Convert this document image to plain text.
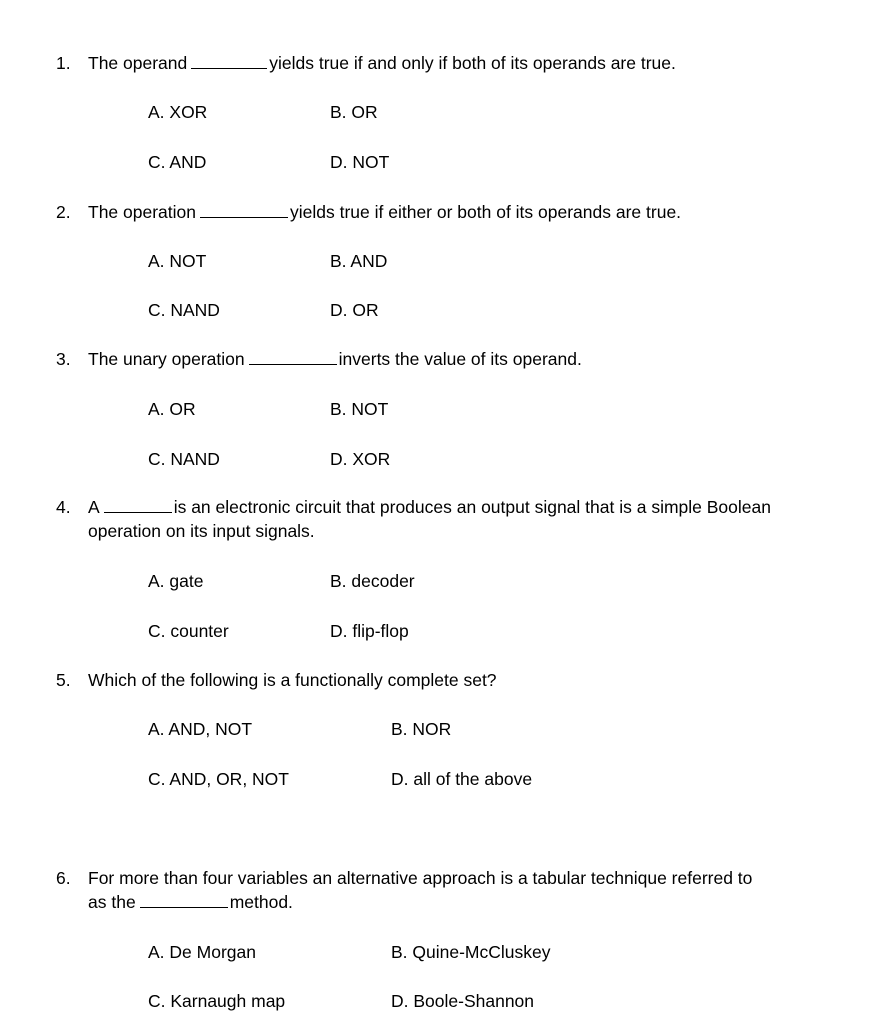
1. The operand	yields true if and only if both of its operands are true.
A. XOR	B. OR
C. AND	D. NOT
2. The operation	yields true if either or both of its operands are true.
A. NOT	B. AND
C. NAND	D. OR
3. The unary operation	inverts the value of its operand.
A. OR	B. NOT
C. NAND	D. XOR
4. A	is an electronic circuit that produces an output signal that is a simple Boolean
operation on its input signals.
A. gate	B. decoder
C. counter	D. flip-flop
5. Which of the following is a functionally complete set?
A. AND, NOT	B. NOR
C. AND, OR, NOT	D. all of the above
6. For more than four variables an alternative approach is a tabular technique referred to
as the	method.
A. De Morgan	B. Quine-McCluskey
C. Karnaugh map	D. Boole-Shannon
